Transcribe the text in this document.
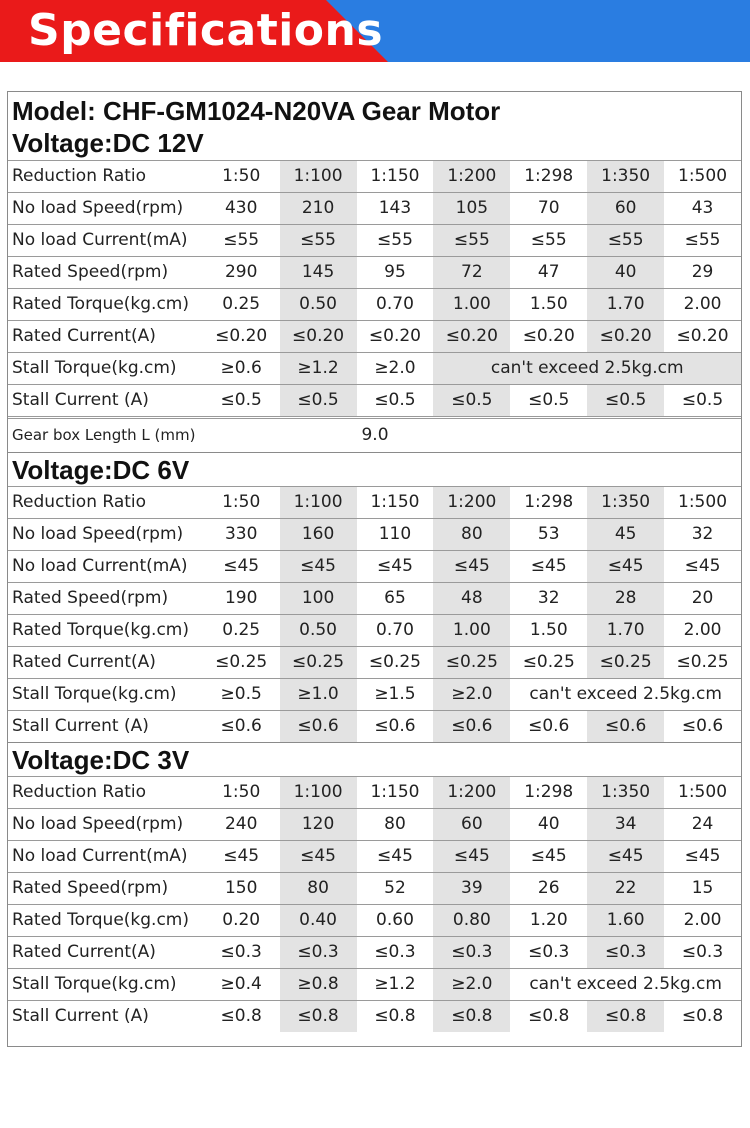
Specifications
Model: CHF-GM1024-N20VA Gear Motor
Voltage:DC 12V
Reduction Ratio	1:50	1:100	1:150	1:200	1:298	1:350	1:500
No load Speed(rpm)	430	210	143	105	70	60	43
No load Current(mA)	≤55	≤55	≤55	≤55	≤55	≤55	≤55
Rated Speed(rpm)	290	145	95	72	47	40	29
Rated Torque(kg.cm)	0.25	0.50	0.70	1.00	1.50	1.70	2.00
Rated Current(A)	≤0.20	≤0.20	≤0.20	≤0.20	≤0.20	≤0.20	≤0.20
Stall Torque(kg.cm)	≥0.6	≥1.2	≥2.0	can't exceed 2.5kg.cm
Stall Current (A)	≤0.5	≤0.5	≤0.5	≤0.5	≤0.5	≤0.5	≤0.5
Gear box Length L (mm)	9.0
Voltage:DC 6V
Reduction Ratio	1:50	1:100	1:150	1:200	1:298	1:350	1:500
No load Speed(rpm)	330	160	110	80	53	45	32
No load Current(mA)	≤45	≤45	≤45	≤45	≤45	≤45	≤45
Rated Speed(rpm)	190	100	65	48	32	28	20
Rated Torque(kg.cm)	0.25	0.50	0.70	1.00	1.50	1.70	2.00
Rated Current(A)	≤0.25	≤0.25	≤0.25	≤0.25	≤0.25	≤0.25	≤0.25
Stall Torque(kg.cm)	≥0.5	≥1.0	≥1.5	≥2.0	can't exceed 2.5kg.cm
Stall Current (A)	≤0.6	≤0.6	≤0.6	≤0.6	≤0.6	≤0.6	≤0.6
Voltage:DC 3V
Reduction Ratio	1:50	1:100	1:150	1:200	1:298	1:350	1:500
No load Speed(rpm)	240	120	80	60	40	34	24
No load Current(mA)	≤45	≤45	≤45	≤45	≤45	≤45	≤45
Rated Speed(rpm)	150	80	52	39	26	22	15
Rated Torque(kg.cm)	0.20	0.40	0.60	0.80	1.20	1.60	2.00
Rated Current(A)	≤0.3	≤0.3	≤0.3	≤0.3	≤0.3	≤0.3	≤0.3
Stall Torque(kg.cm)	≥0.4	≥0.8	≥1.2	≥2.0	can't exceed 2.5kg.cm
Stall Current (A)	≤0.8	≤0.8	≤0.8	≤0.8	≤0.8	≤0.8	≤0.8
